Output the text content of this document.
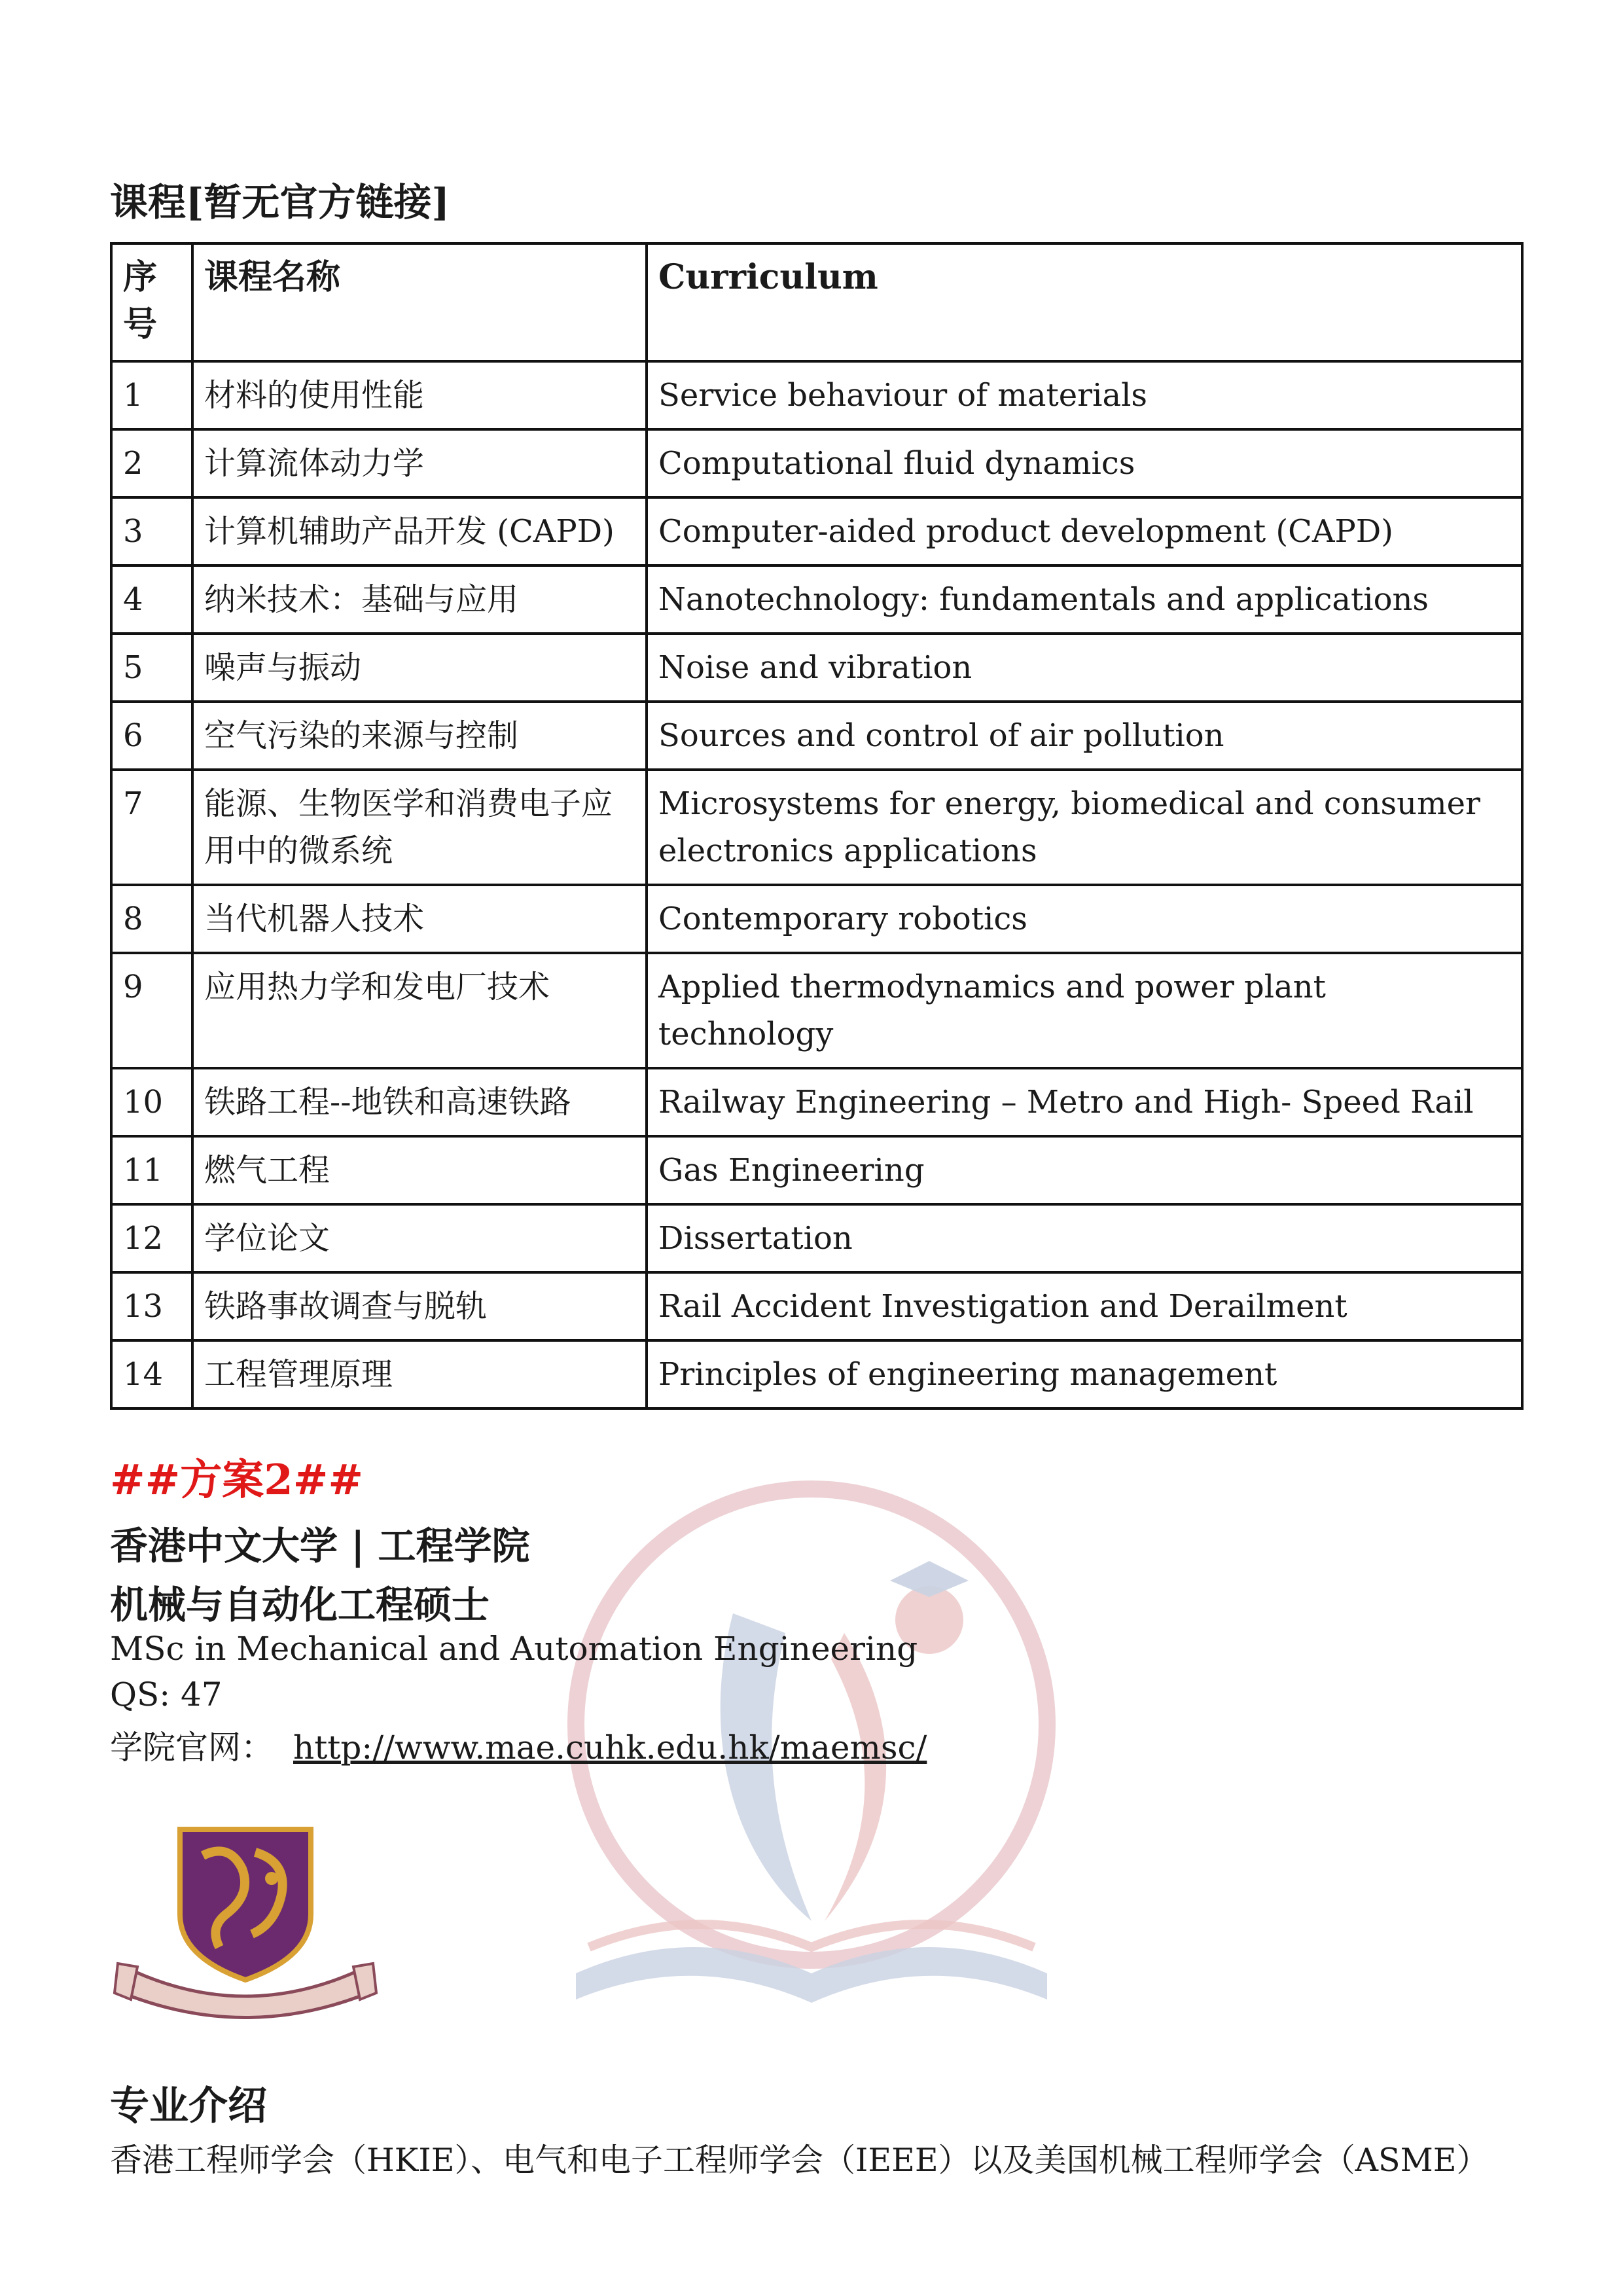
课程[暂无官方链接]
序号	课程名称	Curriculum
1	材料的使用性能	Service behaviour of materials
2	计算流体动力学	Computational fluid dynamics
3	计算机辅助产品开发 (CAPD)	Computer-aided product development (CAPD)
4	纳米技术：基础与应用	Nanotechnology: fundamentals and applications
5	噪声与振动	Noise and vibration
6	空气污染的来源与控制	Sources and control of air pollution
7	能源、生物医学和消费电子应用中的微系统	Microsystems for energy, biomedical and consumer electronics applications
8	当代机器人技术	Contemporary robotics
9	应用热力学和发电厂技术	Applied thermodynamics and power plant technology
10	铁路工程--地铁和高速铁路	Railway Engineering – Metro and High- Speed Rail
11	燃气工程	Gas Engineering
12	学位论文	Dissertation
13	铁路事故调查与脱轨	Rail Accident Investigation and Derailment
14	工程管理原理	Principles of engineering management

##方案2##

香港中文大学 | 工程学院

机械与自动化工程硕士

MSc in Mechanical and Automation Engineering

QS: 47

学院官网： http://www.mae.cuhk.edu.hk/maemsc/

专业介绍

香港工程师学会（HKIE）、电气和电子工程师学会（IEEE）以及美国机械工程师学会（ASME）
